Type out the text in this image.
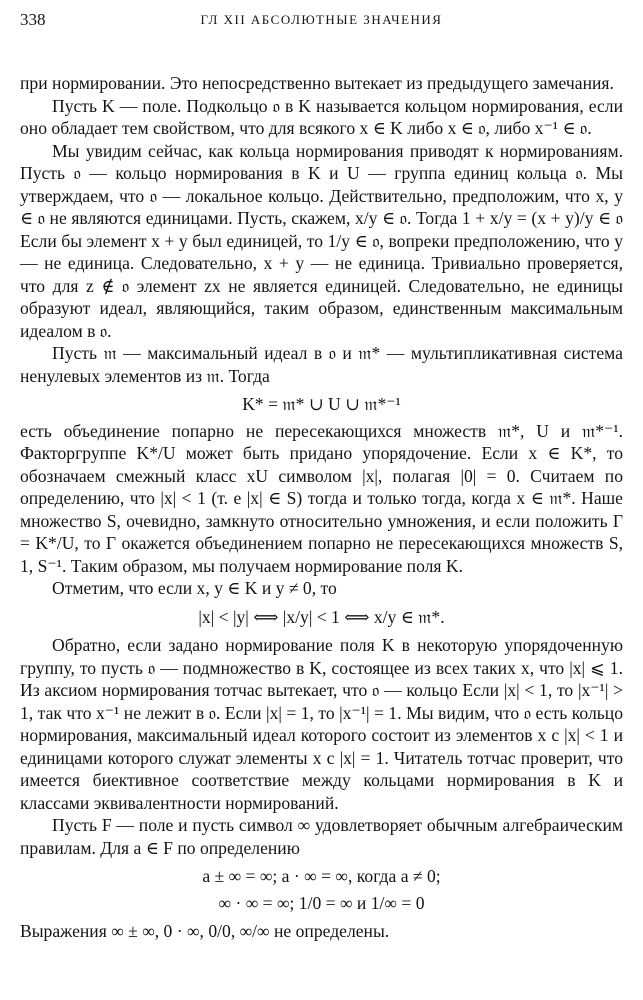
338	ГЛ XII АБСОЛЮТНЫЕ ЗНАЧЕНИЯ

при нормировании. Это непосредственно вытекает из предыдущего замечания.

Пусть K — поле. Подкольцо 𝔬 в K называется кольцом нормирования, если оно обладает тем свойством, что для всякого x ∈ K либо x ∈ 𝔬, либо x⁻¹ ∈ 𝔬.

Мы увидим сейчас, как кольца нормирования приводят к нормированиям. Пусть 𝔬 — кольцо нормирования в K и U — группа единиц кольца 𝔬. Мы утверждаем, что 𝔬 — локальное кольцо. Действительно, предположим, что x, y ∈ 𝔬 не являются единицами. Пусть, скажем, x/y ∈ 𝔬. Тогда 1 + x/y = (x + y)/y ∈ 𝔬 Если бы элемент x + y был единицей, то 1/y ∈ 𝔬, вопреки предположению, что y — не единица. Следовательно, x + y — не единица. Тривиально проверяется, что для z ∉ 𝔬 элемент zx не является единицей. Следовательно, не единицы образуют идеал, являющийся, таким образом, единственным максимальным идеалом в 𝔬.

Пусть 𝔪 — максимальный идеал в 𝔬 и 𝔪* — мультипликативная система ненулевых элементов из 𝔪. Тогда

K* = 𝔪* ∪ U ∪ 𝔪*⁻¹

есть объединение попарно не пересекающихся множеств 𝔪*, U и 𝔪*⁻¹. Факторгруппе K*/U может быть придано упорядочение. Если x ∈ K*, то обозначаем смежный класс xU символом |x|, полагая |0| = 0. Считаем по определению, что |x| < 1 (т. е |x| ∈ S) тогда и только тогда, когда x ∈ 𝔪*. Наше множество S, очевидно, замкнуто относительно умножения, и если положить Γ = K*/U, то Γ окажется объединением попарно не пересекающихся множеств S, 1, S⁻¹. Таким образом, мы получаем нормирование поля K.

Отметим, что если x, y ∈ K и y ≠ 0, то

|x| < |y| ⟺ |x/y| < 1 ⟺ x/y ∈ 𝔪*.

Обратно, если задано нормирование поля K в некоторую упорядоченную группу, то пусть 𝔬 — подмножество в K, состоящее из всех таких x, что |x| ⩽ 1. Из аксиом нормирования тотчас вытекает, что 𝔬 — кольцо Если |x| < 1, то |x⁻¹| > 1, так что x⁻¹ не лежит в 𝔬. Если |x| = 1, то |x⁻¹| = 1. Мы видим, что 𝔬 есть кольцо нормирования, максимальный идеал которого состоит из элементов x с |x| < 1 и единицами которого служат элементы x с |x| = 1. Читатель тотчас проверит, что имеется биективное соответствие между кольцами нормирования в K и классами эквивалентности нормирований.

Пусть F — поле и пусть символ ∞ удовлетворяет обычным алгебраическим правилам. Для a ∈ F по определению

a ± ∞ = ∞; a · ∞ = ∞, когда a ≠ 0;

∞ · ∞ = ∞; 1/0 = ∞ и 1/∞ = 0

Выражения ∞ ± ∞, 0 · ∞, 0/0, ∞/∞ не определены.
